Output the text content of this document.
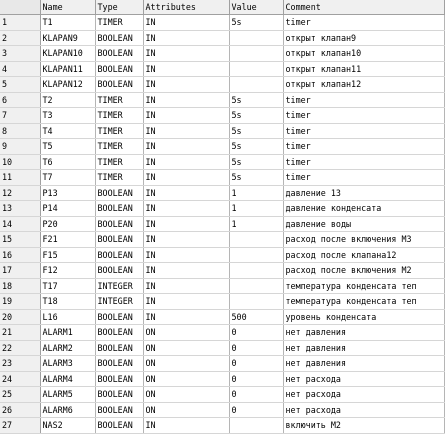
	Name	Type	Attributes	Value	Comment
1	T1	TIMER	IN	5s	timer
2	KLAPAN9	BOOLEAN	IN		открыт клапан9
3	KLAPAN10	BOOLEAN	IN		открыт клапан10
4	KLAPAN11	BOOLEAN	IN		открыт клапан11
5	KLAPAN12	BOOLEAN	IN		открыт клапан12
6	T2	TIMER	IN	5s	timer
7	T3	TIMER	IN	5s	timer
8	T4	TIMER	IN	5s	timer
9	T5	TIMER	IN	5s	timer
10	T6	TIMER	IN	5s	timer
11	T7	TIMER	IN	5s	timer
12	P13	BOOLEAN	IN	1	давление 13
13	P14	BOOLEAN	IN	1	давление конденсата
14	P20	BOOLEAN	IN	1	давление воды
15	F21	BOOLEAN	IN		расход после включения М3
16	F15	BOOLEAN	IN		расход после клапана12
17	F12	BOOLEAN	IN		расход после включения М2
18	T17	INTEGER	IN		температура конденсата теп
19	T18	INTEGER	IN		температура конденсата теп
20	L16	BOOLEAN	IN	500	уровень конденсата
21	ALARM1	BOOLEAN	ON	0	нет давления
22	ALARM2	BOOLEAN	ON	0	нет давления
23	ALARM3	BOOLEAN	ON	0	нет давления
24	ALARM4	BOOLEAN	ON	0	нет расхода
25	ALARM5	BOOLEAN	ON	0	нет расхода
26	ALARM6	BOOLEAN	ON	0	нет расхода
27	NAS2	BOOLEAN	IN		включить М2
